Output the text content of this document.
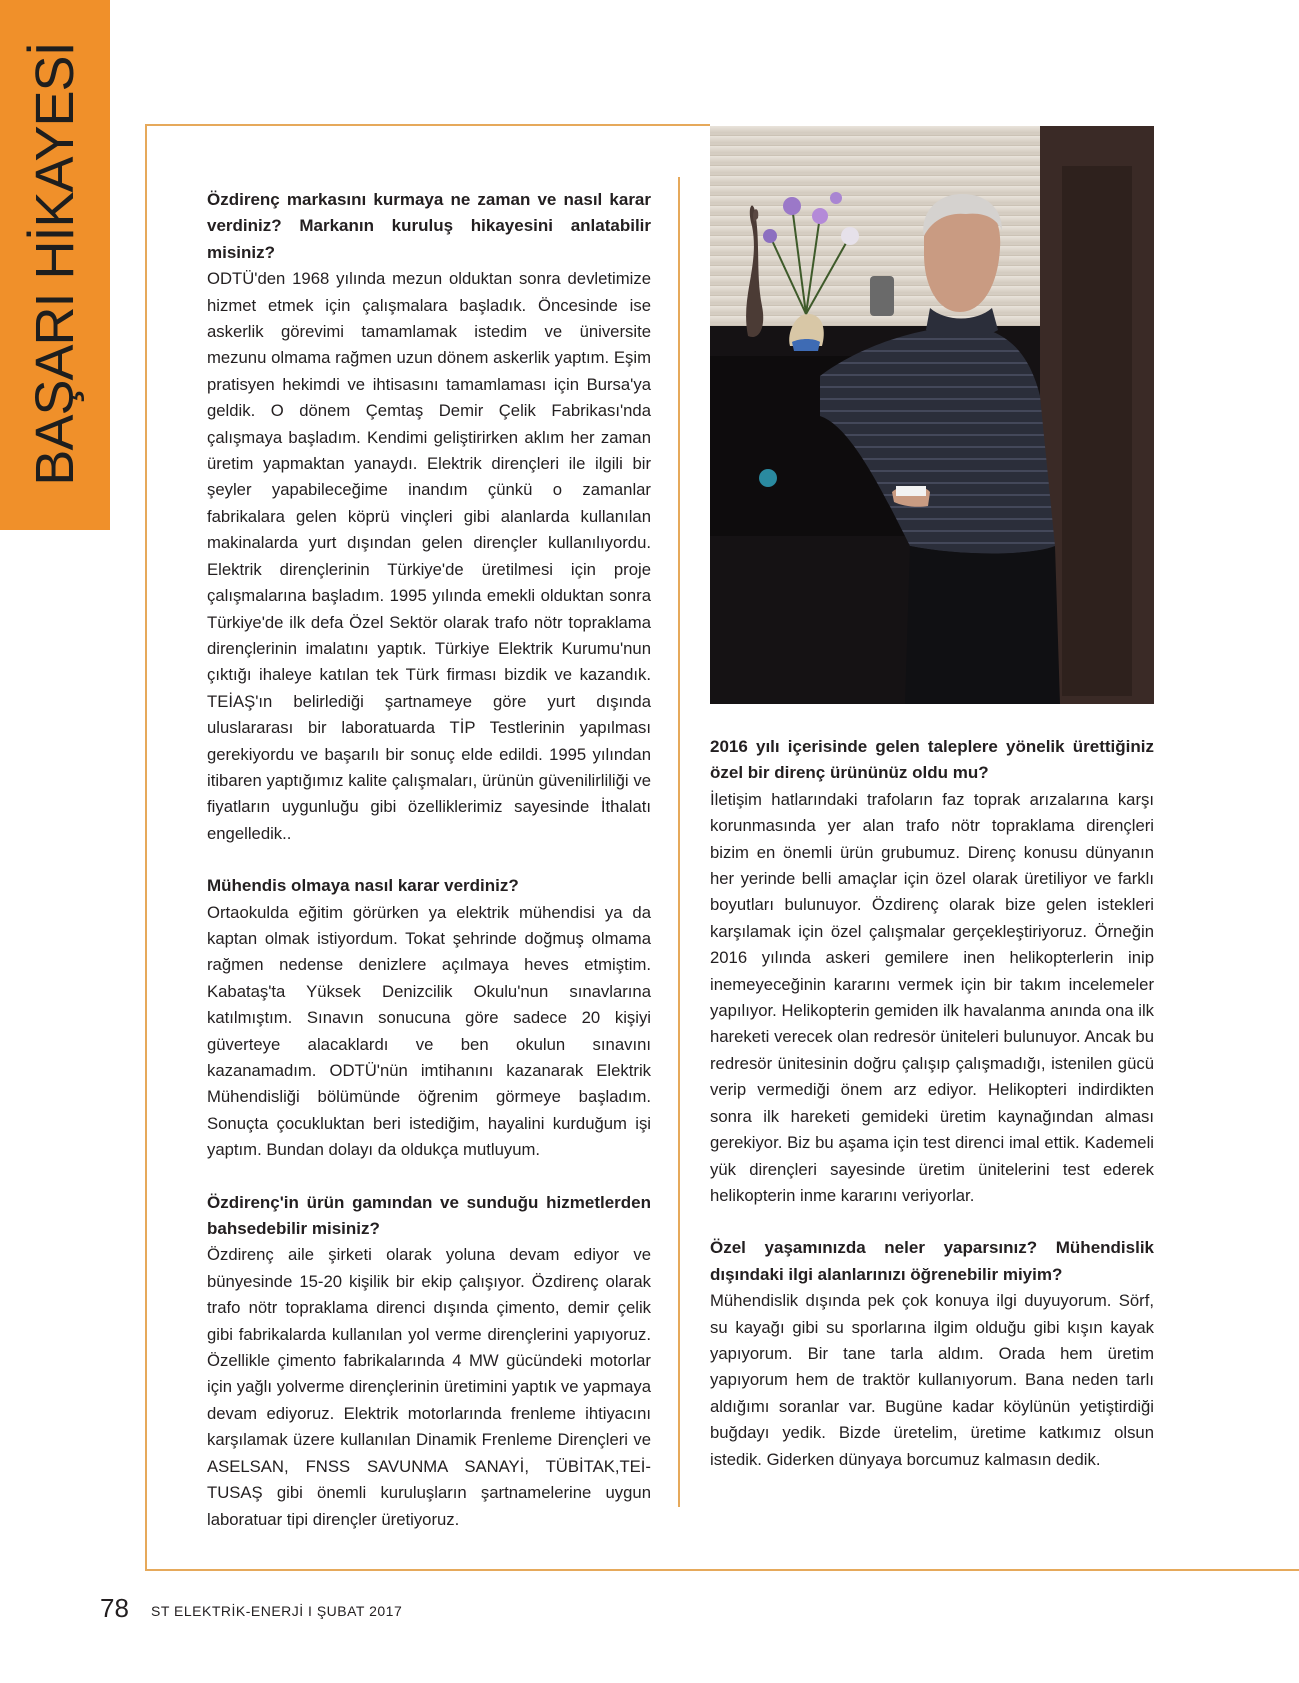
BAŞARI HİKAYESİ	Özdirenç markasını kurmaya ne zaman ve nasıl karar verdiniz? Markanın kuruluş hikayesini anlatabilir misiniz?

ODTÜ'den 1968 yılında mezun olduktan sonra devletimize hizmet etmek için çalışmalara başladık. Öncesinde ise askerlik görevimi tamamlamak istedim ve üniversite mezunu olmama rağmen uzun dönem askerlik yaptım. Eşim pratisyen hekimdi ve ihtisasını tamamlaması için Bursa'ya geldik. O dönem Çemtaş Demir Çelik Fabrikası'nda çalışmaya başladım. Kendimi geliştirirken aklım her zaman üretim yapmaktan yanaydı. Elektrik dirençleri ile ilgili bir şeyler yapabileceğime inandım çünkü o zamanlar fabrikalara gelen köprü vinçleri gibi alanlarda kullanılan makinalarda yurt dışından gelen dirençler kullanılıyordu. Elektrik dirençlerinin Türkiye'de üretilmesi için proje çalışmalarına başladım. 1995 yılında emekli olduktan sonra Türkiye'de ilk defa Özel Sektör olarak trafo nötr topraklama dirençlerinin imalatını yaptık. Türkiye Elektrik Kurumu'nun çıktığı ihaleye katılan tek Türk firması bizdik ve kazandık. TEİAŞ'ın belirlediği şartnameye göre yurt dışında uluslararası bir laboratuarda TİP Testlerinin yapılması gerekiyordu ve başarılı bir sonuç elde edildi. 1995 yılından itibaren yaptığımız kalite çalışmaları, ürünün güvenilirliliği ve fiyatların uygunluğu gibi özelliklerimiz sayesinde İthalatı engelledik..

Mühendis olmaya nasıl karar verdiniz?

Ortaokulda eğitim görürken ya elektrik mühendisi ya da kaptan olmak istiyordum. Tokat şehrinde doğmuş olmama rağmen nedense denizlere açılmaya heves etmiştim. Kabataş'ta Yüksek Denizcilik Okulu'nun sınavlarına katılmıştım. Sınavın sonucuna göre sadece 20 kişiyi güverteye alacaklardı ve ben okulun sınavını kazanamadım. ODTÜ'nün imtihanını kazanarak Elektrik Mühendisliği bölümünde öğrenim görmeye başladım. Sonuçta çocukluktan beri istediğim, hayalini kurduğum işi yaptım. Bundan dolayı da oldukça mutluyum.

Özdirenç'in ürün gamından ve sunduğu hizmetlerden bahsedebilir misiniz?

Özdirenç aile şirketi olarak yoluna devam ediyor ve bünyesinde 15-20 kişilik bir ekip çalışıyor. Özdirenç olarak trafo nötr topraklama direnci dışında çimento, demir çelik gibi fabrikalarda kullanılan yol verme dirençlerini yapıyoruz. Özellikle çimento fabrikalarında 4 MW gücündeki motorlar için yağlı yolverme dirençlerinin üretimini yaptık ve yapmaya devam ediyoruz. Elektrik motorlarında frenleme ihtiyacını karşılamak üzere kullanılan Dinamik Frenleme Dirençleri ve ASELSAN, FNSS SAVUNMA SANAYİ, TÜBİTAK,TEİ- TUSAŞ gibi önemli kuruluşların şartnamelerine uygun laboratuar tipi dirençler üretiyoruz.

2016 yılı içerisinde gelen taleplere yönelik ürettiğiniz özel bir direnç ürününüz oldu mu?

İletişim hatlarındaki trafoların faz toprak arızalarına karşı korunmasında yer alan trafo nötr topraklama dirençleri bizim en önemli ürün grubumuz. Direnç konusu dünyanın her yerinde belli amaçlar için özel olarak üretiliyor ve farklı boyutları bulunuyor. Özdirenç olarak bize gelen istekleri karşılamak için özel çalışmalar gerçekleştiriyoruz. Örneğin 2016 yılında askeri gemilere inen helikopterlerin inip inemeyeceğinin kararını vermek için bir takım incelemeler yapılıyor. Helikopterin gemiden ilk havalanma anında ona ilk hareketi verecek olan redresör üniteleri bulunuyor. Ancak bu redresör ünitesinin doğru çalışıp çalışmadığı, istenilen gücü verip vermediği önem arz ediyor. Helikopteri indirdikten sonra ilk hareketi gemideki üretim kaynağından alması gerekiyor. Biz bu aşama için test direnci imal ettik. Kademeli yük dirençleri sayesinde üretim ünitelerini test ederek helikopterin inme kararını veriyorlar.

Özel yaşamınızda neler yaparsınız? Mühendislik dışındaki ilgi alanlarınızı öğrenebilir miyim?

Mühendislik dışında pek çok konuya ilgi duyuyorum. Sörf, su kayağı gibi su sporlarına ilgim olduğu gibi kışın kayak yapıyorum. Bir tane tarla aldım. Orada hem üretim yapıyorum hem de traktör kullanıyorum. Bana neden tarlı aldığımı soranlar var. Bugüne kadar köylünün yetiştirdiği buğdayı yedik. Bizde üretelim, üretime katkımız olsun istedik. Giderken dünyaya borcumuz kalmasın dedik.

78 ST ELEKTRİK-ENERJİ I ŞUBAT 2017
